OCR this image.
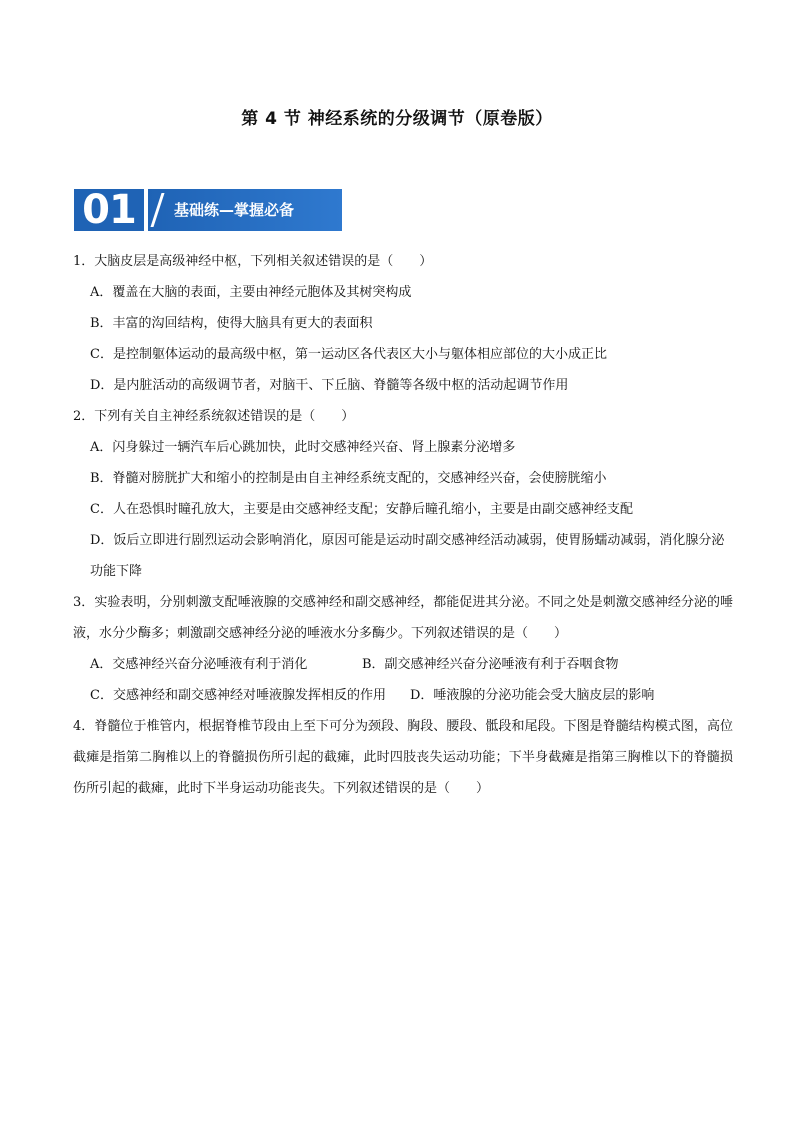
第 4 节 神经系统的分级调节（原卷版）
01	基础练—掌握必备

1．大脑皮层是高级神经中枢，下列相关叙述错误的是（　　）

A．覆盖在大脑的表面，主要由神经元胞体及其树突构成

B．丰富的沟回结构，使得大脑具有更大的表面积

C．是控制躯体运动的最高级中枢，第一运动区各代表区大小与躯体相应部位的大小成正比

D．是内脏活动的高级调节者，对脑干、下丘脑、脊髓等各级中枢的活动起调节作用

2．下列有关自主神经系统叙述错误的是（　　）

A．闪身躲过一辆汽车后心跳加快，此时交感神经兴奋、肾上腺素分泌增多

B．脊髓对膀胱扩大和缩小的控制是由自主神经系统支配的，交感神经兴奋，会使膀胱缩小

C．人在恐惧时瞳孔放大，主要是由交感神经支配；安静后瞳孔缩小，主要是由副交感神经支配

D．饭后立即进行剧烈运动会影响消化，原因可能是运动时副交感神经活动减弱，使胃肠蠕动减弱，消化腺分泌功能下降

3．实验表明，分别刺激支配唾液腺的交感神经和副交感神经，都能促进其分泌。不同之处是刺激交感神经分泌的唾液，水分少酶多；刺激副交感神经分泌的唾液水分多酶少。下列叙述错误的是（　　）

A．交感神经兴奋分泌唾液有利于消化	B．副交感神经兴奋分泌唾液有利于吞咽食物
C．交感神经和副交感神经对唾液腺发挥相反的作用	D．唾液腺的分泌功能会受大脑皮层的影响

4．脊髓位于椎管内，根据脊椎节段由上至下可分为颈段、胸段、腰段、骶段和尾段。下图是脊髓结构模式图，高位截瘫是指第二胸椎以上的脊髓损伤所引起的截瘫，此时四肢丧失运动功能；下半身截瘫是指第三胸椎以下的脊髓损伤所引起的截瘫，此时下半身运动功能丧失。下列叙述错误的是（　　）
